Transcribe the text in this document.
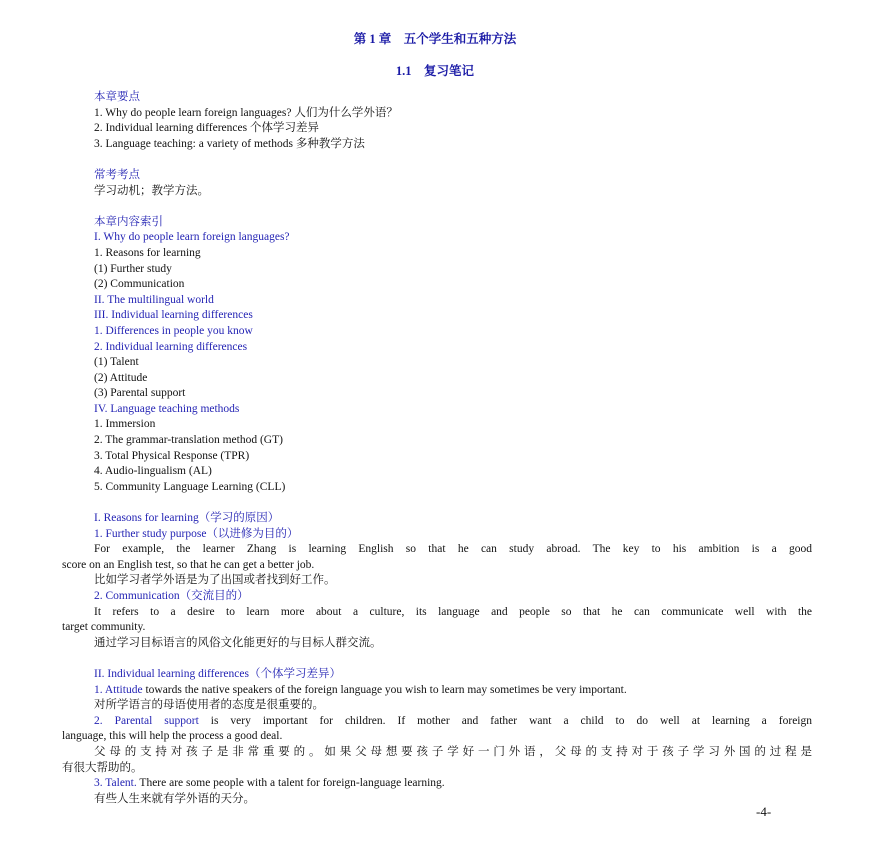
第 1 章　五个学生和五种方法
1.1　复习笔记
本章要点
1. Why do people learn foreign languages? 人们为什么学外语？
2. Individual learning differences 个体学习差异
3. Language teaching: a variety of methods 多种教学方法
常考考点
学习动机；教学方法。
本章内容索引
I. Why do people learn foreign languages?
1. Reasons for learning
(1) Further study
(2) Communication
II. The multilingual world
III. Individual learning differences
1. Differences in people you know
2. Individual learning differences
(1) Talent
(2) Attitude
(3) Parental support
IV. Language teaching methods
1. Immersion
2. The grammar-translation method (GT)
3. Total Physical Response (TPR)
4. Audio-lingualism (AL)
5. Community Language Learning (CLL)
I. Reasons for learning（学习的原因）
1. Further study purpose（以进修为目的）
For example, the learner Zhang is learning English so that he can study abroad. The key to his ambition is a good
score on an English test, so that he can get a better job.
比如学习者学外语是为了出国或者找到好工作。
2. Communication（交流目的）
It refers to a desire to learn more about a culture, its language and people so that he can communicate well with the
target community.
通过学习目标语言的风俗文化能更好的与目标人群交流。
II. Individual learning differences（个体学习差异）
1. Attitude towards the native speakers of the foreign language you wish to learn may sometimes be very important.
对所学语言的母语使用者的态度是很重要的。
2. Parental support is very important for children. If mother and father want a child to do well at learning a foreign
language, this will help the process a good deal.
父母的支持对孩子是非常重要的。如果父母想要孩子学好一门外语，父母的支持对于孩子学习外国的过程是
有很大帮助的。
3. Talent. There are some people with a talent for foreign-language learning.
有些人生来就有学外语的天分。
-4-
